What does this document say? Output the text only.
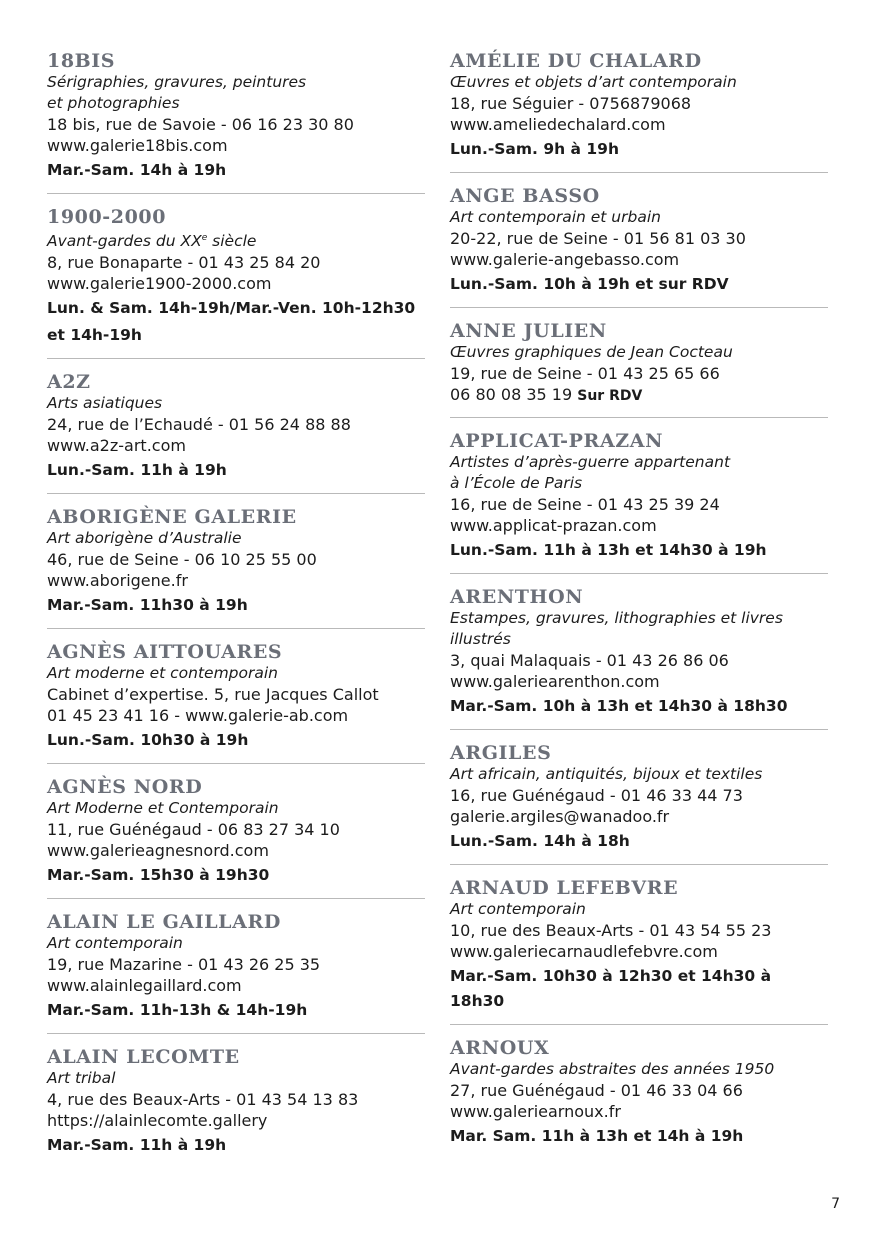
18BIS
Sérigraphies, gravures, peintures
et photographies
18 bis, rue de Savoie - 06 16 23 30 80
www.galerie18bis.com
Mar.-Sam. 14h à 19h
1900-2000
Avant-gardes du XXe siècle
8, rue Bonaparte - 01 43 25 84 20
www.galerie1900-2000.com
Lun. & Sam. 14h-19h/Mar.-Ven. 10h-12h30
et 14h-19h
A2Z
Arts asiatiques
24, rue de l’Echaudé - 01 56 24 88 88
www.a2z-art.com
Lun.-Sam. 11h à 19h
ABORIGÈNE GALERIE
Art aborigène d’Australie
46, rue de Seine - 06 10 25 55 00
www.aborigene.fr
Mar.-Sam. 11h30 à 19h
AGNÈS AITTOUARES
Art moderne et contemporain
Cabinet d’expertise. 5, rue Jacques Callot
01 45 23 41 16 - www.galerie-ab.com
Lun.-Sam. 10h30 à 19h
AGNÈS NORD
Art Moderne et Contemporain
11, rue Guénégaud - 06 83 27 34 10
www.galerieagnesnord.com
Mar.-Sam. 15h30 à 19h30
ALAIN LE GAILLARD
Art contemporain
19, rue Mazarine - 01 43 26 25 35
www.alainlegaillard.com
Mar.-Sam. 11h-13h & 14h-19h
ALAIN LECOMTE
Art tribal
4, rue des Beaux-Arts - 01 43 54 13 83
https://alainlecomte.gallery
Mar.-Sam. 11h à 19h
AMÉLIE DU CHALARD
Œuvres et objets d’art contemporain
18, rue Séguier - 0756879068
www.ameliedechalard.com
Lun.-Sam. 9h à 19h
ANGE BASSO
Art contemporain et urbain
20-22, rue de Seine - 01 56 81 03 30
www.galerie-angebasso.com
Lun.-Sam. 10h à 19h et sur RDV
ANNE JULIEN
Œuvres graphiques de Jean Cocteau
19, rue de Seine - 01 43 25 65 66
06 80 08 35 19 Sur RDV
APPLICAT-PRAZAN
Artistes d’après-guerre appartenant
à l’École de Paris
16, rue de Seine - 01 43 25 39 24
www.applicat-prazan.com
Lun.-Sam. 11h à 13h et 14h30 à 19h
ARENTHON
Estampes, gravures, lithographies et livres
illustrés
3, quai Malaquais - 01 43 26 86 06
www.galeriearenthon.com
Mar.-Sam. 10h à 13h et 14h30 à 18h30
ARGILES
Art africain, antiquités, bijoux et textiles
16, rue Guénégaud - 01 46 33 44 73
galerie.argiles@wanadoo.fr
Lun.-Sam. 14h à 18h
ARNAUD LEFEBVRE
Art contemporain
10, rue des Beaux-Arts - 01 43 54 55 23
www.galeriecarnaudlefebvre.com
Mar.-Sam. 10h30 à 12h30 et 14h30 à 18h30
ARNOUX
Avant-gardes abstraites des années 1950
27, rue Guénégaud - 01 46 33 04 66
www.galeriearnoux.fr
Mar. Sam. 11h à 13h et 14h à 19h
7
